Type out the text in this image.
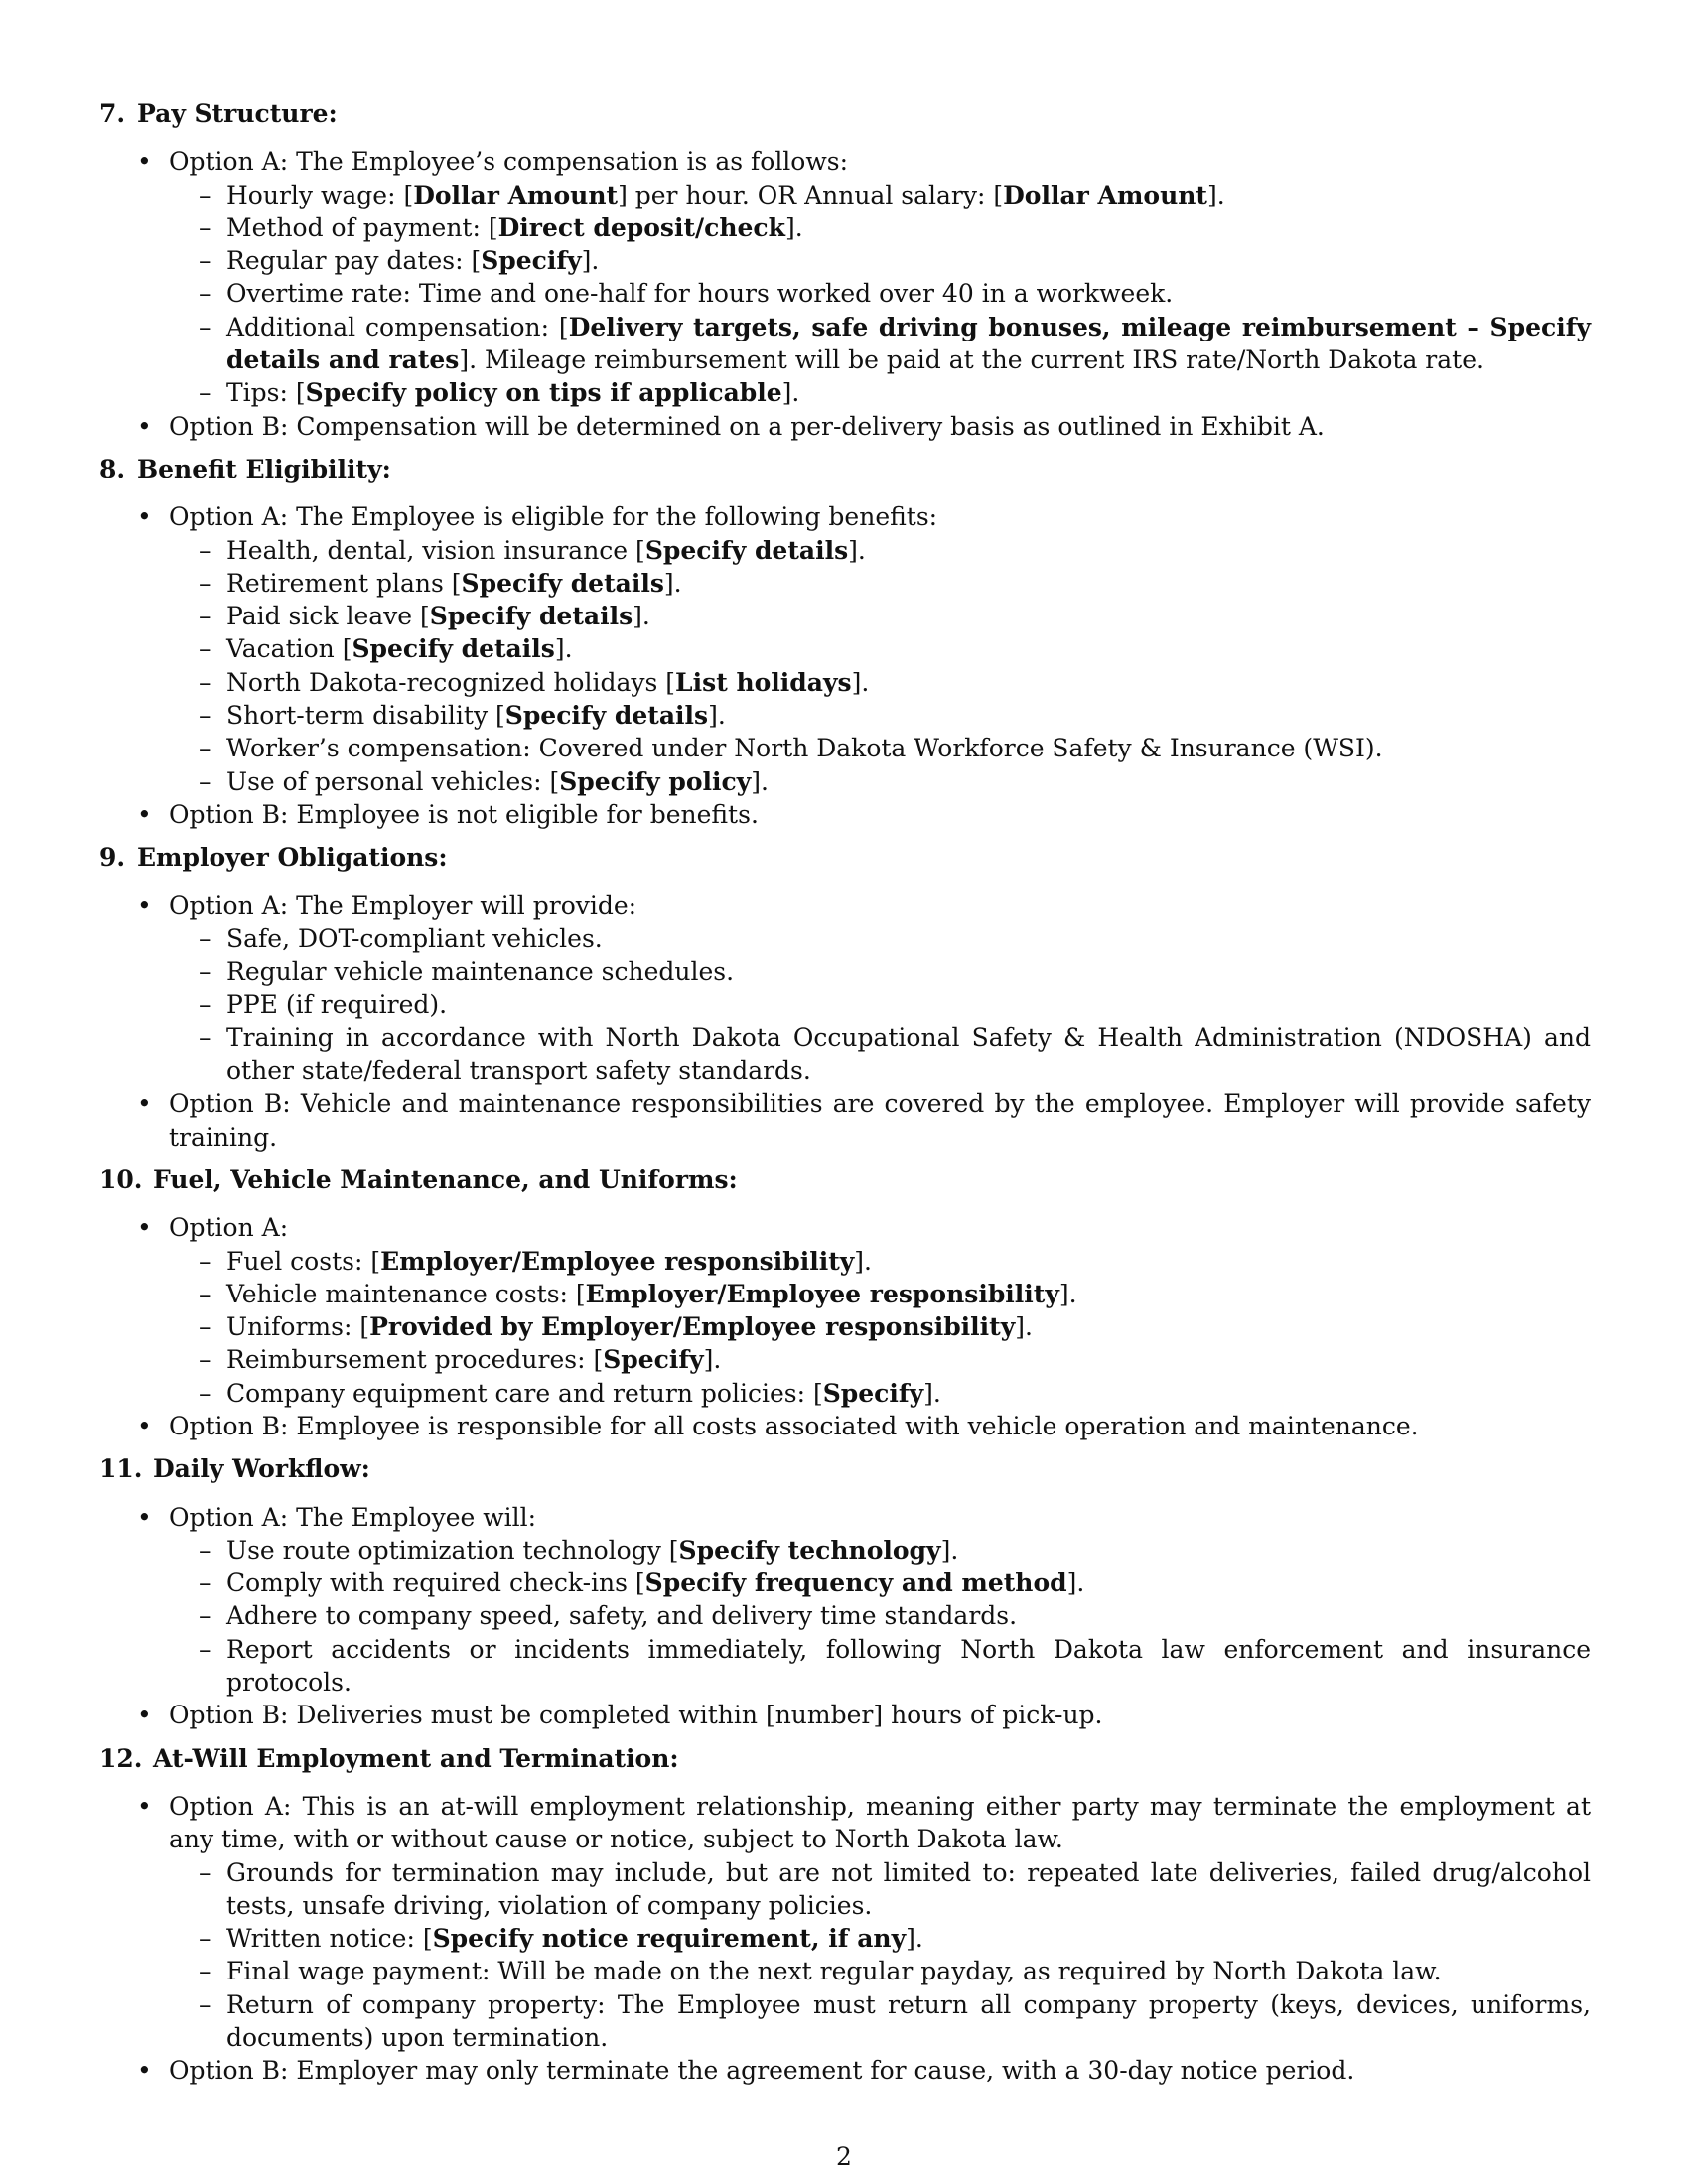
7. Pay Structure:
• Option A: The Employee’s compensation is as follows:
– Hourly wage: [Dollar Amount] per hour. OR Annual salary: [Dollar Amount].
– Method of payment: [Direct deposit/check].
– Regular pay dates: [Specify].
– Overtime rate: Time and one-half for hours worked over 40 in a workweek.
– Additional compensation: [Delivery targets, safe driving bonuses, mileage reimbursement – Specify details and rates]. Mileage reimbursement will be paid at the current IRS rate/North Dakota rate.
– Tips: [Specify policy on tips if applicable].
• Option B: Compensation will be determined on a per-delivery basis as outlined in Exhibit A.
8. Benefit Eligibility:
• Option A: The Employee is eligible for the following benefits:
– Health, dental, vision insurance [Specify details].
– Retirement plans [Specify details].
– Paid sick leave [Specify details].
– Vacation [Specify details].
– North Dakota-recognized holidays [List holidays].
– Short-term disability [Specify details].
– Worker’s compensation: Covered under North Dakota Workforce Safety & Insurance (WSI).
– Use of personal vehicles: [Specify policy].
• Option B: Employee is not eligible for benefits.
9. Employer Obligations:
• Option A: The Employer will provide:
– Safe, DOT-compliant vehicles.
– Regular vehicle maintenance schedules.
– PPE (if required).
– Training in accordance with North Dakota Occupational Safety & Health Administration (NDOSHA) and other state/federal transport safety standards.
• Option B: Vehicle and maintenance responsibilities are covered by the employee. Employer will provide safety training.
10. Fuel, Vehicle Maintenance, and Uniforms:
• Option A:
– Fuel costs: [Employer/Employee responsibility].
– Vehicle maintenance costs: [Employer/Employee responsibility].
– Uniforms: [Provided by Employer/Employee responsibility].
– Reimbursement procedures: [Specify].
– Company equipment care and return policies: [Specify].
• Option B: Employee is responsible for all costs associated with vehicle operation and maintenance.
11. Daily Workflow:
• Option A: The Employee will:
– Use route optimization technology [Specify technology].
– Comply with required check-ins [Specify frequency and method].
– Adhere to company speed, safety, and delivery time standards.
– Report accidents or incidents immediately, following North Dakota law enforcement and insurance protocols.
• Option B: Deliveries must be completed within [number] hours of pick-up.
12. At-Will Employment and Termination:
• Option A: This is an at-will employment relationship, meaning either party may terminate the employment at any time, with or without cause or notice, subject to North Dakota law.
– Grounds for termination may include, but are not limited to: repeated late deliveries, failed drug/alcohol tests, unsafe driving, violation of company policies.
– Written notice: [Specify notice requirement, if any].
– Final wage payment: Will be made on the next regular payday, as required by North Dakota law.
– Return of company property: The Employee must return all company property (keys, devices, uniforms, documents) upon termination.
• Option B: Employer may only terminate the agreement for cause, with a 30-day notice period.
2
